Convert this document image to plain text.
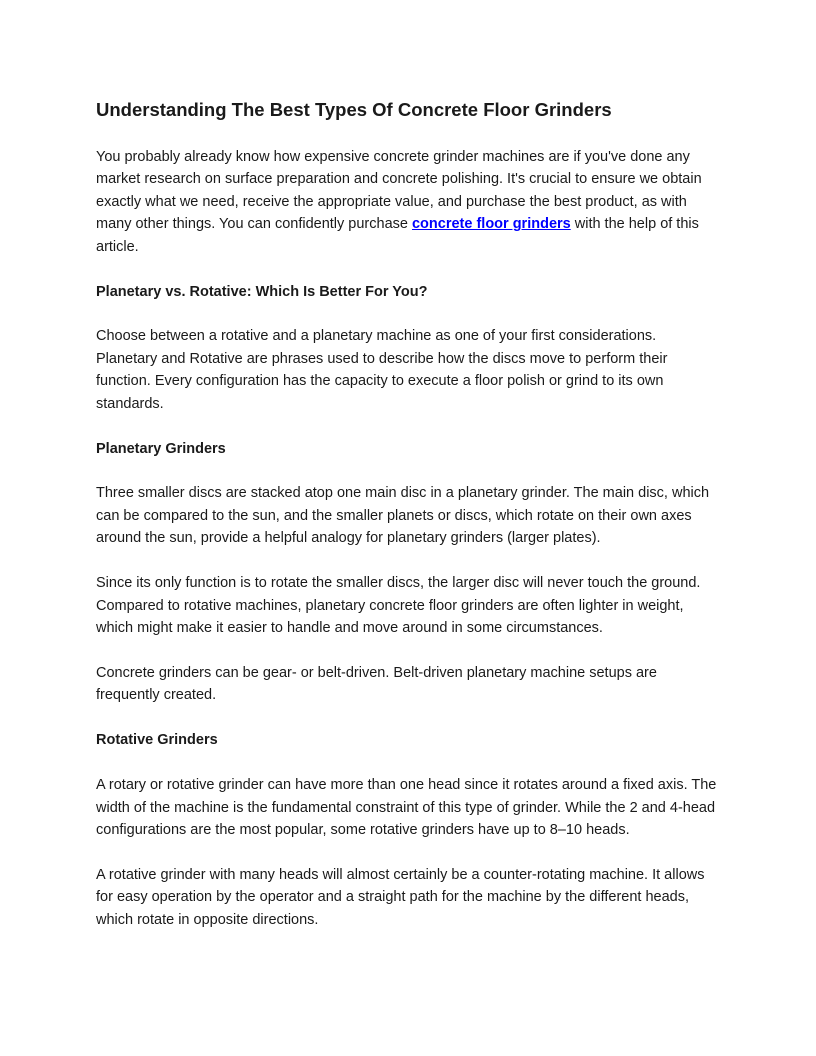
Understanding The Best Types Of Concrete Floor Grinders

You probably already know how expensive concrete grinder machines are if you've done any market research on surface preparation and concrete polishing. It's crucial to ensure we obtain exactly what we need, receive the appropriate value, and purchase the best product, as with many other things. You can confidently purchase concrete floor grinders with the help of this article.

Planetary vs. Rotative: Which Is Better For You?

Choose between a rotative and a planetary machine as one of your first considerations. Planetary and Rotative are phrases used to describe how the discs move to perform their function. Every configuration has the capacity to execute a floor polish or grind to its own standards.

Planetary Grinders

Three smaller discs are stacked atop one main disc in a planetary grinder. The main disc, which can be compared to the sun, and the smaller planets or discs, which rotate on their own axes around the sun, provide a helpful analogy for planetary grinders (larger plates).

Since its only function is to rotate the smaller discs, the larger disc will never touch the ground. Compared to rotative machines, planetary concrete floor grinders are often lighter in weight, which might make it easier to handle and move around in some circumstances.

Concrete grinders can be gear- or belt-driven. Belt-driven planetary machine setups are frequently created.

Rotative Grinders

A rotary or rotative grinder can have more than one head since it rotates around a fixed axis. The width of the machine is the fundamental constraint of this type of grinder. While the 2 and 4-head configurations are the most popular, some rotative grinders have up to 8–10 heads.

A rotative grinder with many heads will almost certainly be a counter-rotating machine. It allows for easy operation by the operator and a straight path for the machine by the different heads, which rotate in opposite directions.
